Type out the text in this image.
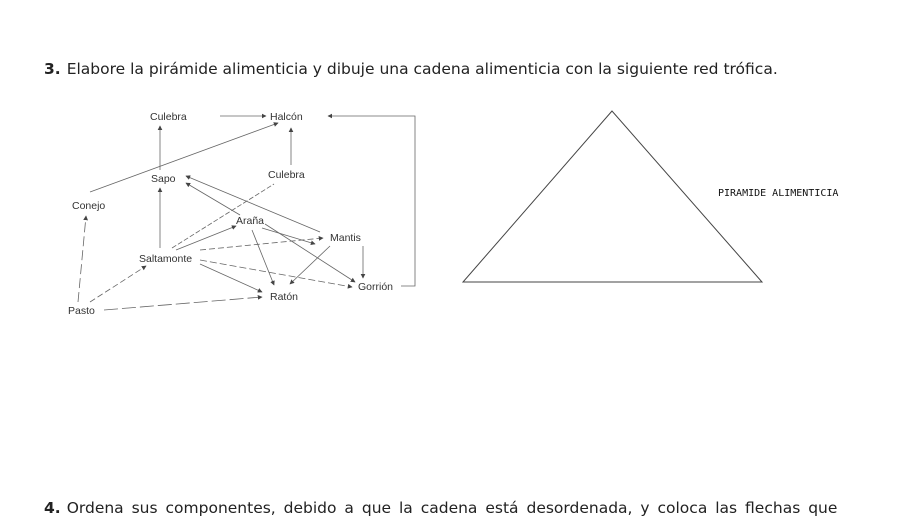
3. Elabore la pirámide alimenticia y dibuje una cadena alimenticia con la siguiente red trófica.
Culebra	Halcón
Sapo	Culebra
Conejo
Araña
Mantis
Saltamonte
Gorrión
Ratón
Pasto
PIRAMIDE ALIMENTICIA
4. Ordena sus componentes, debido a que la cadena está desordenada, y coloca las flechas que
